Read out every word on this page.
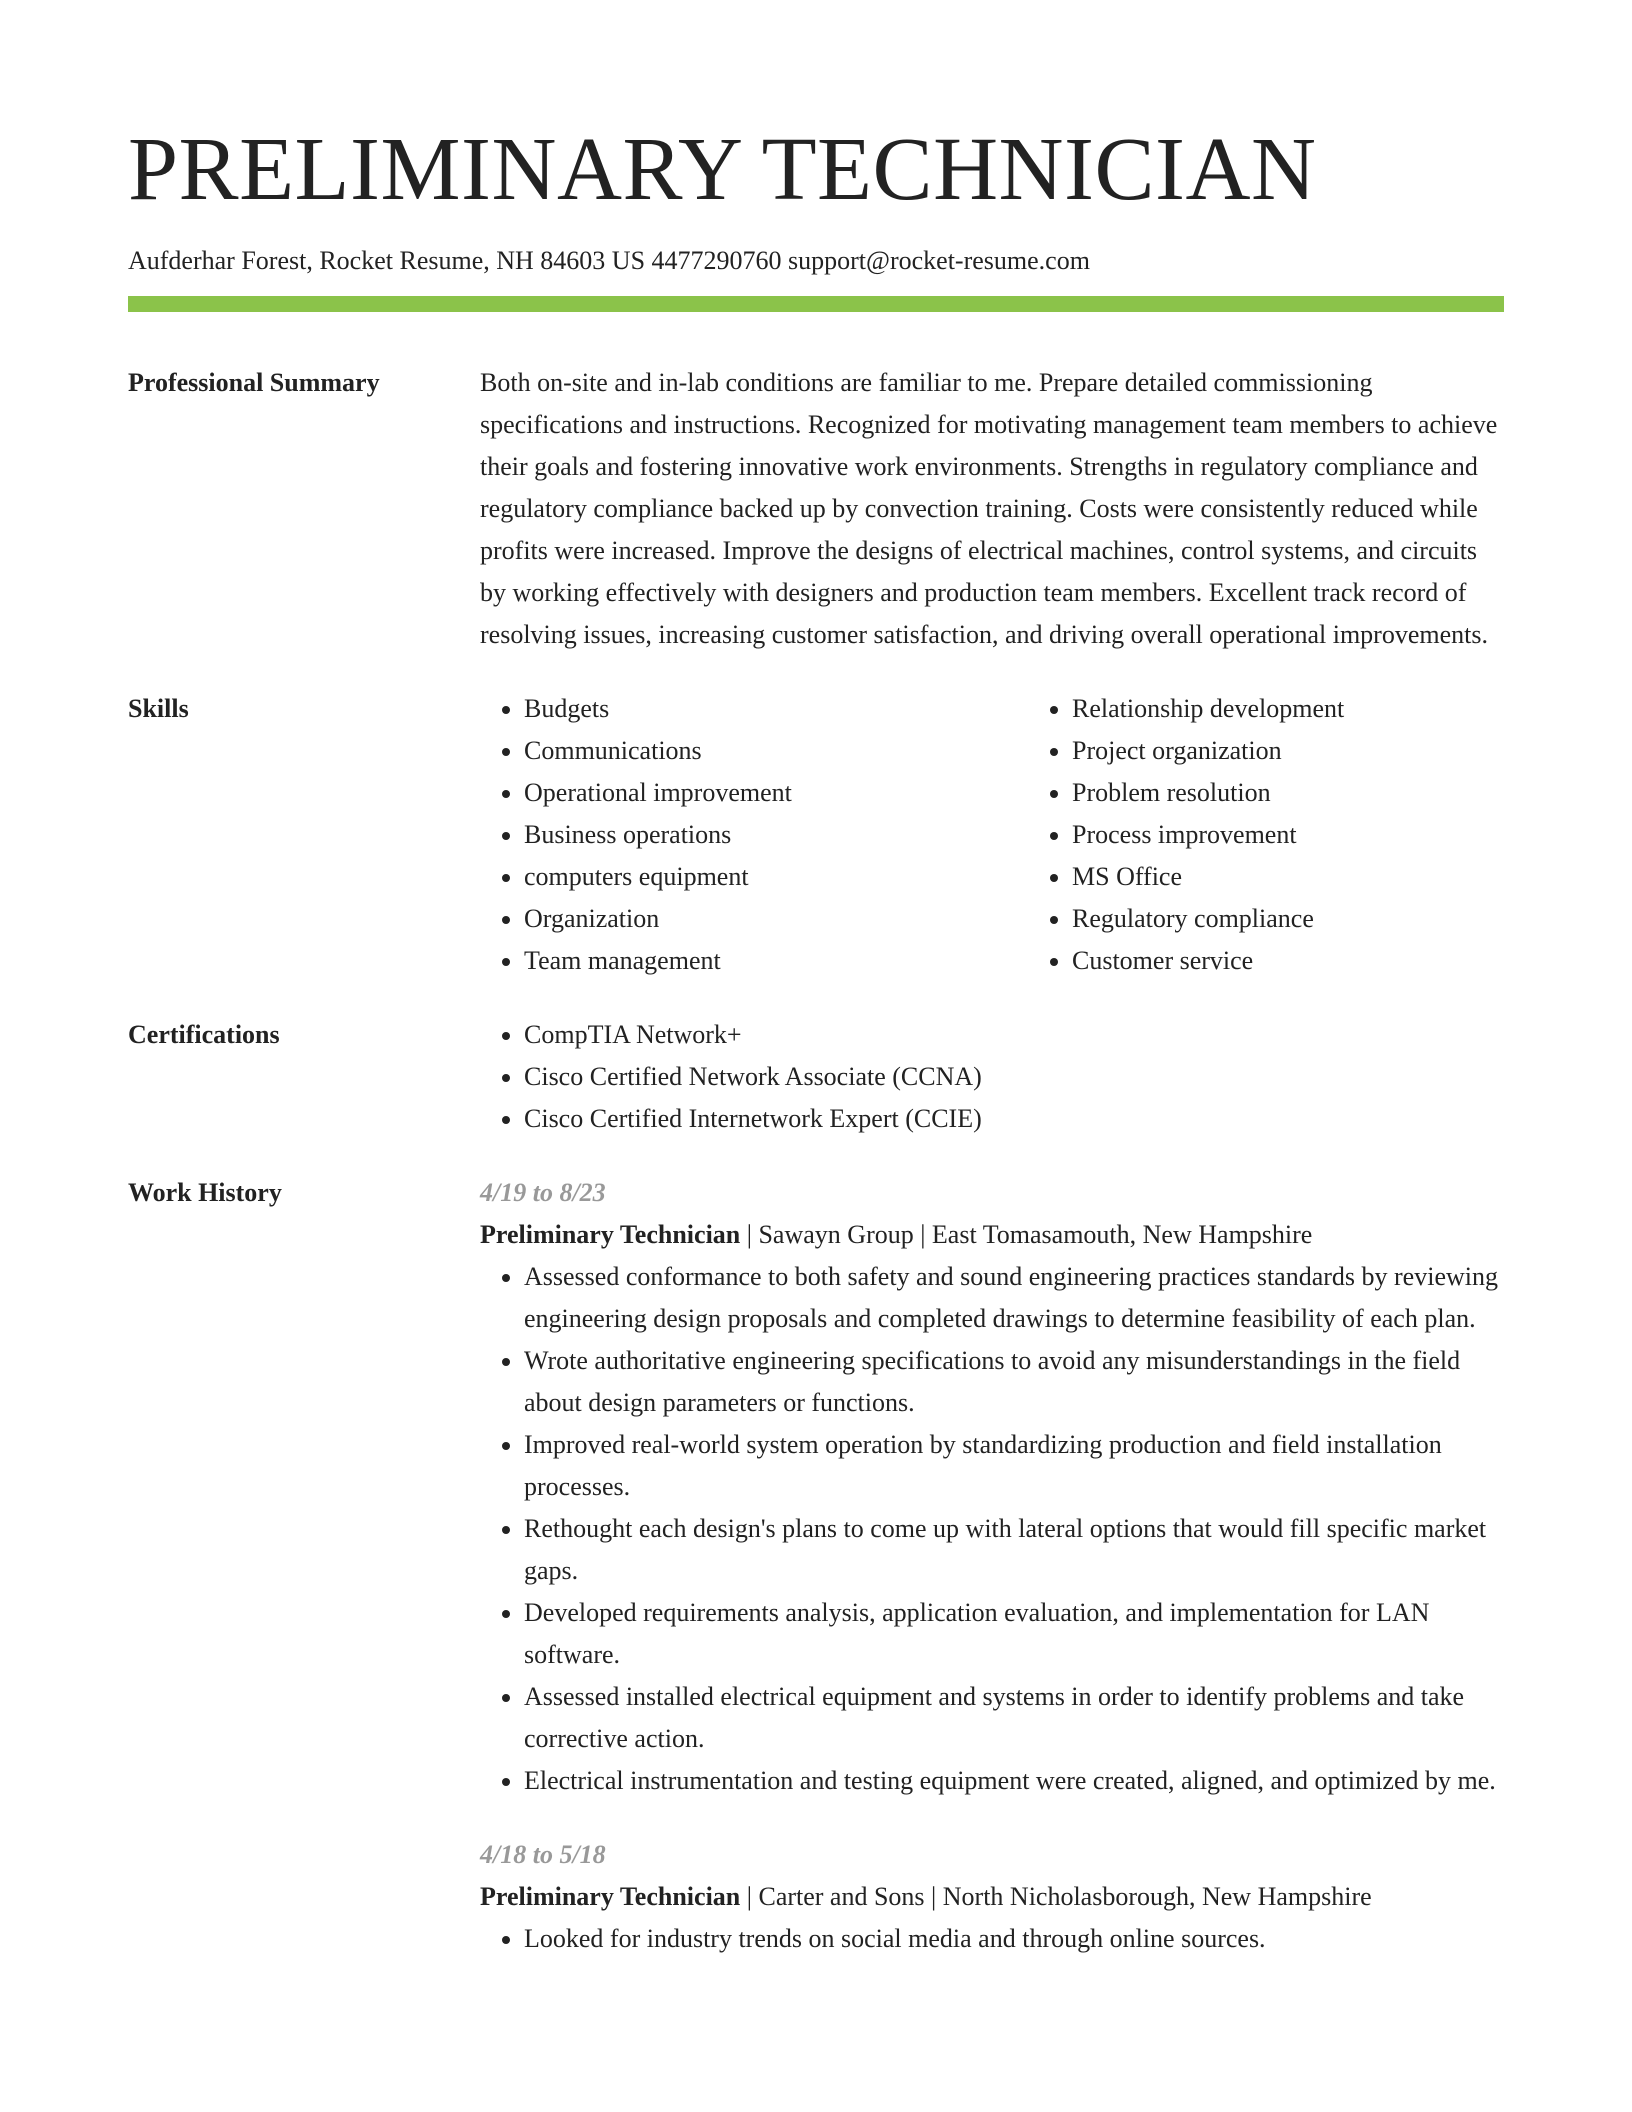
PRELIMINARY TECHNICIAN
Aufderhar Forest, Rocket Resume, NH 84603 US 4477290760 support@rocket-resume.com
Professional Summary	Both on-site and in-lab conditions are familiar to me. Prepare detailed commissioning specifications and instructions. Recognized for motivating management team members to achieve their goals and fostering innovative work environments. Strengths in regulatory compliance and regulatory compliance backed up by convection training. Costs were consistently reduced while profits were increased. Improve the designs of electrical machines, control systems, and circuits by working effectively with designers and production team members. Excellent track record of resolving issues, increasing customer satisfaction, and driving overall operational improvements.
Skills	• Budgets
• Communications
• Operational improvement
• Business operations
• computers equipment
• Organization
• Team management
• Relationship development
• Project organization
• Problem resolution
• Process improvement
• MS Office
• Regulatory compliance
• Customer service
Certifications	• CompTIA Network+
• Cisco Certified Network Associate (CCNA)
• Cisco Certified Internetwork Expert (CCIE)
Work History	4/19 to 8/23
Preliminary Technician | Sawayn Group | East Tomasamouth, New Hampshire
• Assessed conformance to both safety and sound engineering practices standards by reviewing engineering design proposals and completed drawings to determine feasibility of each plan.
• Wrote authoritative engineering specifications to avoid any misunderstandings in the field about design parameters or functions.
• Improved real-world system operation by standardizing production and field installation processes.
• Rethought each design's plans to come up with lateral options that would fill specific market gaps.
• Developed requirements analysis, application evaluation, and implementation for LAN software.
• Assessed installed electrical equipment and systems in order to identify problems and take corrective action.
• Electrical instrumentation and testing equipment were created, aligned, and optimized by me.
4/18 to 5/18
Preliminary Technician | Carter and Sons | North Nicholasborough, New Hampshire
• Looked for industry trends on social media and through online sources.
